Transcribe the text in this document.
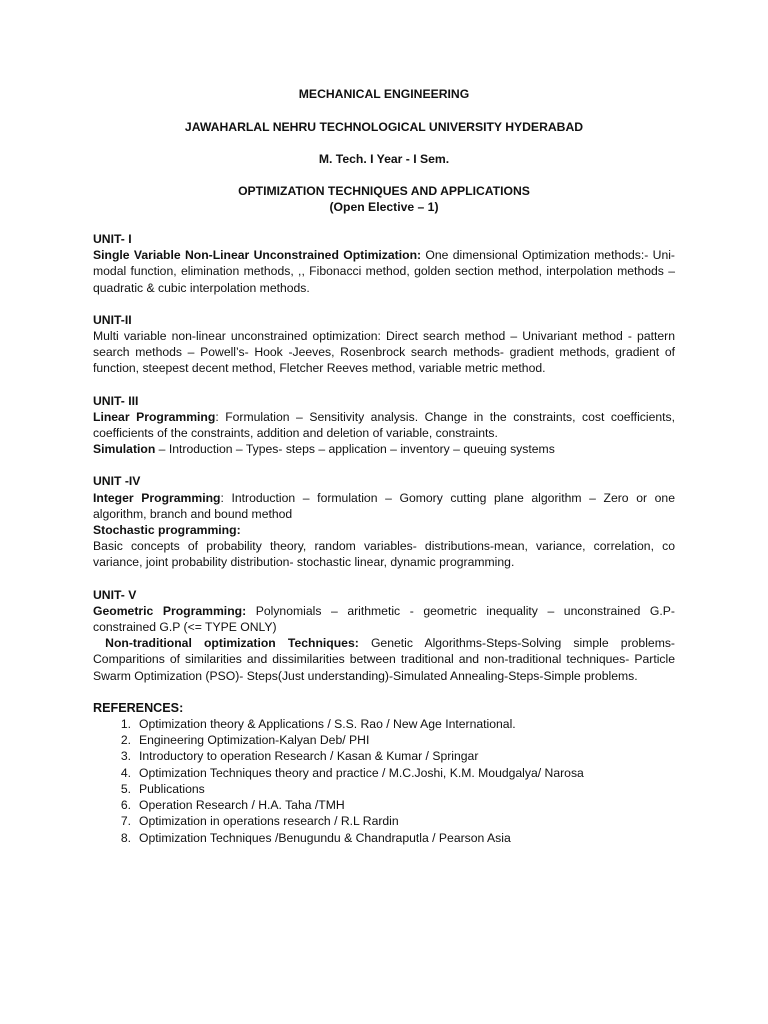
MECHANICAL ENGINEERING
JAWAHARLAL NEHRU TECHNOLOGICAL UNIVERSITY HYDERABAD
M. Tech. I Year - I Sem.
OPTIMIZATION TECHNIQUES AND APPLICATIONS
(Open Elective – 1)
UNIT- I
Single Variable Non-Linear Unconstrained Optimization: One dimensional Optimization methods:- Uni-modal function, elimination methods, ,, Fibonacci method, golden section method, interpolation methods – quadratic & cubic interpolation methods.
UNIT-II
Multi variable non-linear unconstrained optimization: Direct search method – Univariant method - pattern search methods – Powell’s- Hook -Jeeves, Rosenbrock search methods- gradient methods, gradient of function, steepest decent method, Fletcher Reeves method, variable metric method.
UNIT- III
Linear Programming: Formulation – Sensitivity analysis. Change in the constraints, cost coefficients, coefficients of the constraints, addition and deletion of variable, constraints.
Simulation – Introduction – Types- steps – application – inventory – queuing systems
UNIT -IV
Integer Programming: Introduction – formulation – Gomory cutting plane algorithm – Zero or one algorithm, branch and bound method
Stochastic programming:
Basic concepts of probability theory, random variables- distributions-mean, variance, correlation, co variance, joint probability distribution- stochastic linear, dynamic programming.
UNIT- V
Geometric Programming: Polynomials – arithmetic - geometric inequality – unconstrained G.P- constrained G.P (<= TYPE ONLY)
Non-traditional optimization Techniques: Genetic Algorithms-Steps-Solving simple problems- Comparitions of similarities and dissimilarities between traditional and non-traditional techniques- Particle Swarm Optimization (PSO)- Steps(Just understanding)-Simulated Annealing-Steps-Simple problems.
REFERENCES:
1. Optimization theory & Applications / S.S. Rao / New Age International.
2. Engineering Optimization-Kalyan Deb/ PHI
3. Introductory to operation Research / Kasan & Kumar / Springar
4. Optimization Techniques theory and practice / M.C.Joshi, K.M. Moudgalya/ Narosa
5. Publications
6. Operation Research / H.A. Taha /TMH
7. Optimization in operations research / R.L Rardin
8. Optimization Techniques /Benugundu & Chandraputla / Pearson Asia
